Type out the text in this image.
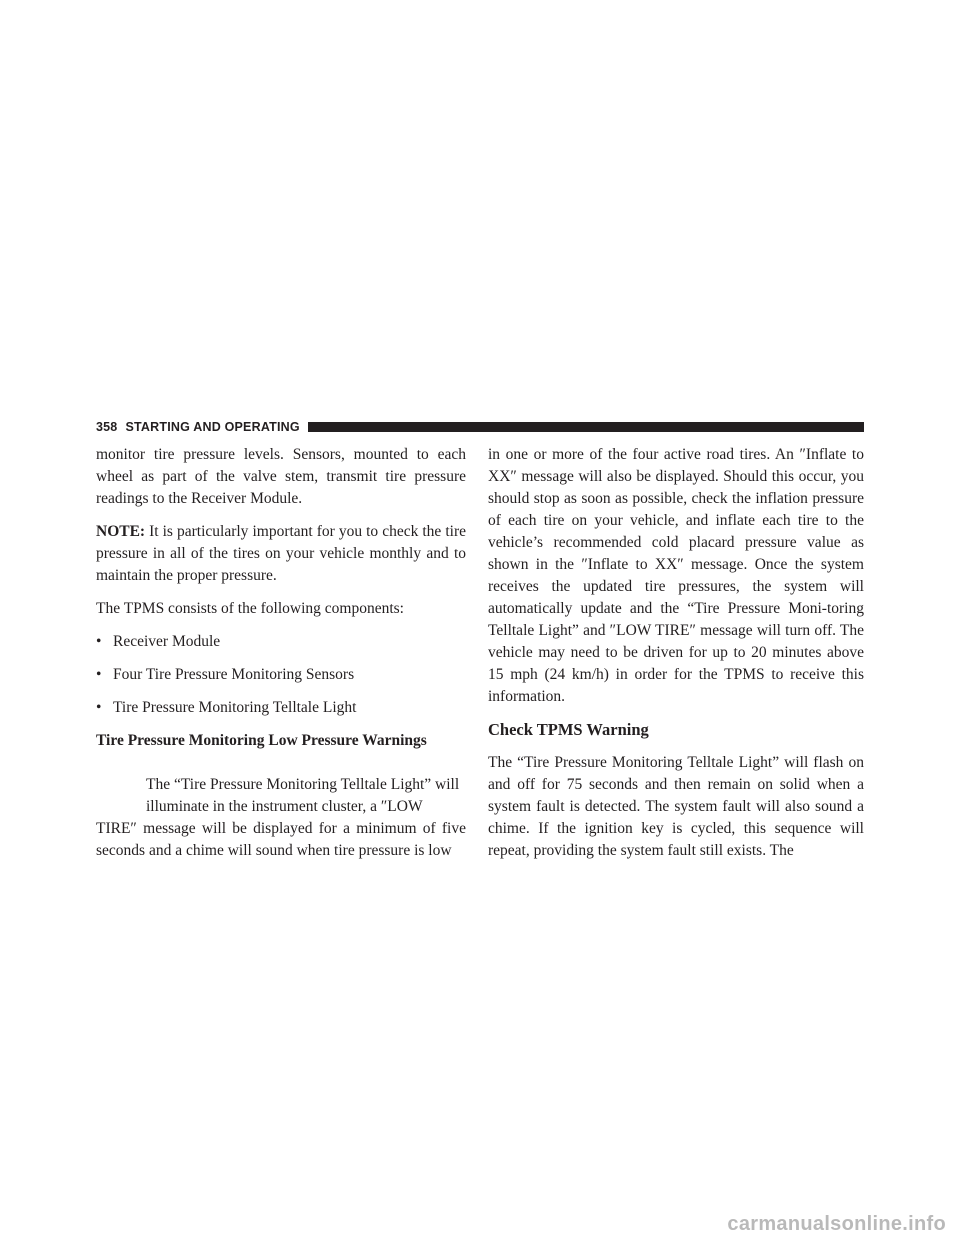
358 STARTING AND OPERATING

monitor tire pressure levels. Sensors, mounted to each wheel as part of the valve stem, transmit tire pressure readings to the Receiver Module.

NOTE: It is particularly important for you to check the tire pressure in all of the tires on your vehicle monthly and to maintain the proper pressure.

The TPMS consists of the following components:

• Receiver Module
• Four Tire Pressure Monitoring Sensors
• Tire Pressure Monitoring Telltale Light
Tire Pressure Monitoring Low Pressure Warnings
The “Tire Pressure Monitoring Telltale Light” will
illuminate in the instrument cluster, a ″LOW

TIRE″ message will be displayed for a minimum of five seconds and a chime will sound when tire pressure is low

in one or more of the four active road tires. An ″Inflate to XX″ message will also be displayed. Should this occur, you should stop as soon as possible, check the inflation pressure of each tire on your vehicle, and inflate each tire to the vehicle’s recommended cold placard pressure value as shown in the ″Inflate to XX″ message. Once the system receives the updated tire pressures, the system will automatically update and the “Tire Pressure Moni-toring Telltale Light” and ″LOW TIRE″ message will turn off. The vehicle may need to be driven for up to 20 minutes above 15 mph (24 km/h) in order for the TPMS to receive this information.

Check TPMS Warning

The “Tire Pressure Monitoring Telltale Light” will flash on and off for 75 seconds and then remain on solid when a system fault is detected. The system fault will also sound a chime. If the ignition key is cycled, this sequence will repeat, providing the system fault still exists. The

carmanualsonline.info
